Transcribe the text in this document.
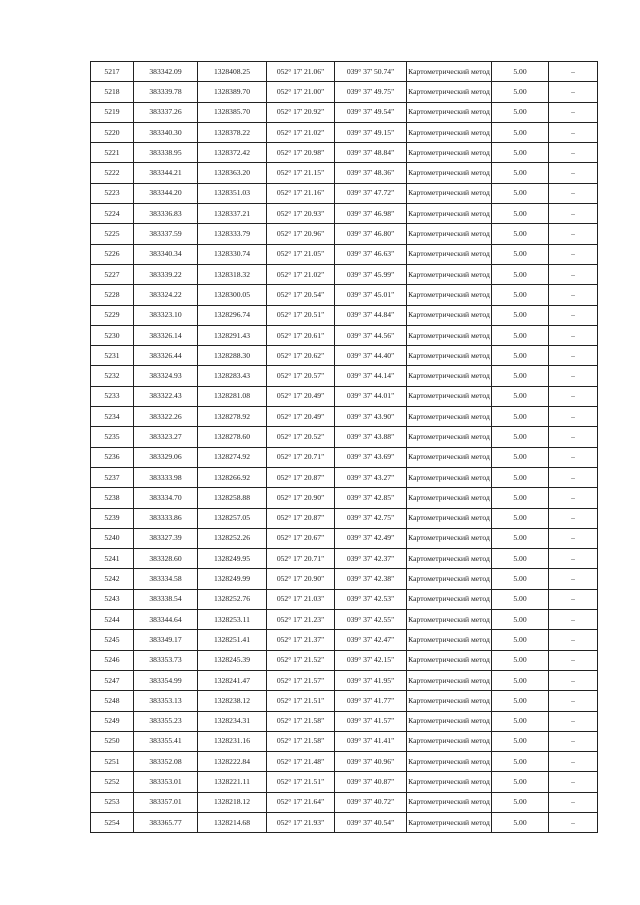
5217	383342.09	1328408.25	052° 17' 21.06"	039° 37' 50.74"	Картометрический метод	5.00	–
5218	383339.78	1328389.70	052° 17' 21.00"	039° 37' 49.75"	Картометрический метод	5.00	–
5219	383337.26	1328385.70	052° 17' 20.92"	039° 37' 49.54"	Картометрический метод	5.00	–
5220	383340.30	1328378.22	052° 17' 21.02"	039° 37' 49.15"	Картометрический метод	5.00	–
5221	383338.95	1328372.42	052° 17' 20.98"	039° 37' 48.84"	Картометрический метод	5.00	–
5222	383344.21	1328363.20	052° 17' 21.15"	039° 37' 48.36"	Картометрический метод	5.00	–
5223	383344.20	1328351.03	052° 17' 21.16"	039° 37' 47.72"	Картометрический метод	5.00	–
5224	383336.83	1328337.21	052° 17' 20.93"	039° 37' 46.98"	Картометрический метод	5.00	–
5225	383337.59	1328333.79	052° 17' 20.96"	039° 37' 46.80"	Картометрический метод	5.00	–
5226	383340.34	1328330.74	052° 17' 21.05"	039° 37' 46.63"	Картометрический метод	5.00	–
5227	383339.22	1328318.32	052° 17' 21.02"	039° 37' 45.99"	Картометрический метод	5.00	–
5228	383324.22	1328300.05	052° 17' 20.54"	039° 37' 45.01"	Картометрический метод	5.00	–
5229	383323.10	1328296.74	052° 17' 20.51"	039° 37' 44.84"	Картометрический метод	5.00	–
5230	383326.14	1328291.43	052° 17' 20.61"	039° 37' 44.56"	Картометрический метод	5.00	–
5231	383326.44	1328288.30	052° 17' 20.62"	039° 37' 44.40"	Картометрический метод	5.00	–
5232	383324.93	1328283.43	052° 17' 20.57"	039° 37' 44.14"	Картометрический метод	5.00	–
5233	383322.43	1328281.08	052° 17' 20.49"	039° 37' 44.01"	Картометрический метод	5.00	–
5234	383322.26	1328278.92	052° 17' 20.49"	039° 37' 43.90"	Картометрический метод	5.00	–
5235	383323.27	1328278.60	052° 17' 20.52"	039° 37' 43.88"	Картометрический метод	5.00	–
5236	383329.06	1328274.92	052° 17' 20.71"	039° 37' 43.69"	Картометрический метод	5.00	–
5237	383333.98	1328266.92	052° 17' 20.87"	039° 37' 43.27"	Картометрический метод	5.00	–
5238	383334.70	1328258.88	052° 17' 20.90"	039° 37' 42.85"	Картометрический метод	5.00	–
5239	383333.86	1328257.05	052° 17' 20.87"	039° 37' 42.75"	Картометрический метод	5.00	–
5240	383327.39	1328252.26	052° 17' 20.67"	039° 37' 42.49"	Картометрический метод	5.00	–
5241	383328.60	1328249.95	052° 17' 20.71"	039° 37' 42.37"	Картометрический метод	5.00	–
5242	383334.58	1328249.99	052° 17' 20.90"	039° 37' 42.38"	Картометрический метод	5.00	–
5243	383338.54	1328252.76	052° 17' 21.03"	039° 37' 42.53"	Картометрический метод	5.00	–
5244	383344.64	1328253.11	052° 17' 21.23"	039° 37' 42.55"	Картометрический метод	5.00	–
5245	383349.17	1328251.41	052° 17' 21.37"	039° 37' 42.47"	Картометрический метод	5.00	–
5246	383353.73	1328245.39	052° 17' 21.52"	039° 37' 42.15"	Картометрический метод	5.00	–
5247	383354.99	1328241.47	052° 17' 21.57"	039° 37' 41.95"	Картометрический метод	5.00	–
5248	383353.13	1328238.12	052° 17' 21.51"	039° 37' 41.77"	Картометрический метод	5.00	–
5249	383355.23	1328234.31	052° 17' 21.58"	039° 37' 41.57"	Картометрический метод	5.00	–
5250	383355.41	1328231.16	052° 17' 21.58"	039° 37' 41.41"	Картометрический метод	5.00	–
5251	383352.08	1328222.84	052° 17' 21.48"	039° 37' 40.96"	Картометрический метод	5.00	–
5252	383353.01	1328221.11	052° 17' 21.51"	039° 37' 40.87"	Картометрический метод	5.00	–
5253	383357.01	1328218.12	052° 17' 21.64"	039° 37' 40.72"	Картометрический метод	5.00	–
5254	383365.77	1328214.68	052° 17' 21.93"	039° 37' 40.54"	Картометрический метод	5.00	–
